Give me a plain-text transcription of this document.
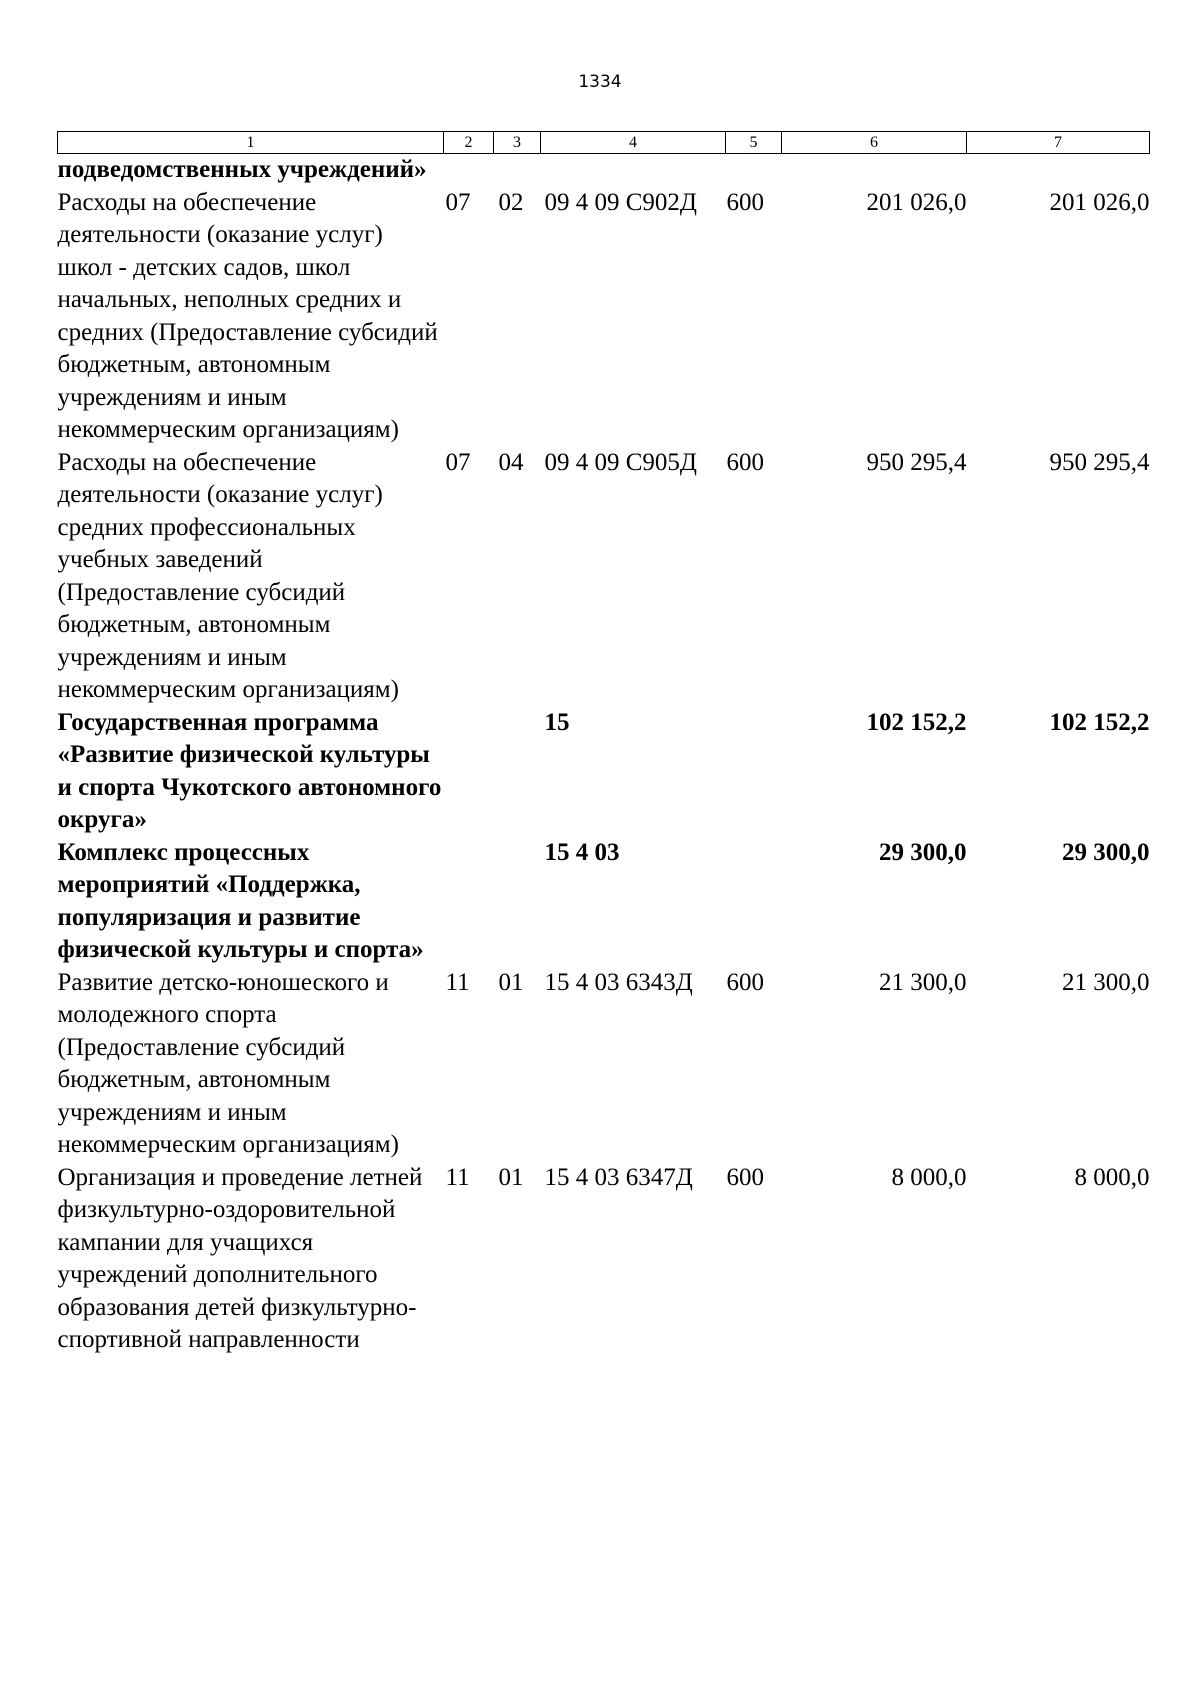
1334
1	2	3	4	5	6	7
подведомственных учреждений»						
Расходы на обеспечение деятельности (оказание услуг) школ - детских садов, школ начальных, неполных средних и средних (Предоставление субсидий бюджетным, автономным учреждениям и иным некоммерческим организациям)	07	02	09 4 09 С902Д	600	201 026,0	201 026,0
Расходы на обеспечение деятельности (оказание услуг) средних профессиональных учебных заведений (Предоставление субсидий бюджетным, автономным учреждениям и иным некоммерческим организациям)	07	04	09 4 09 С905Д	600	950 295,4	950 295,4
Государственная программа «Развитие физической культуры и спорта Чукотского автономного округа»			15		102 152,2	102 152,2
Комплекс процессных мероприятий «Поддержка, популяризация и развитие физической культуры и спорта»			15 4 03		29 300,0	29 300,0
Развитие детско-юношеского и молодежного спорта (Предоставление субсидий бюджетным, автономным учреждениям и иным некоммерческим организациям)	11	01	15 4 03 6343Д	600	21 300,0	21 300,0
Организация и проведение летней физкультурно-оздоровительной кампании для учащихся учреждений дополнительного образования детей физкультурно-спортивной направленности	11	01	15 4 03 6347Д	600	8 000,0	8 000,0
